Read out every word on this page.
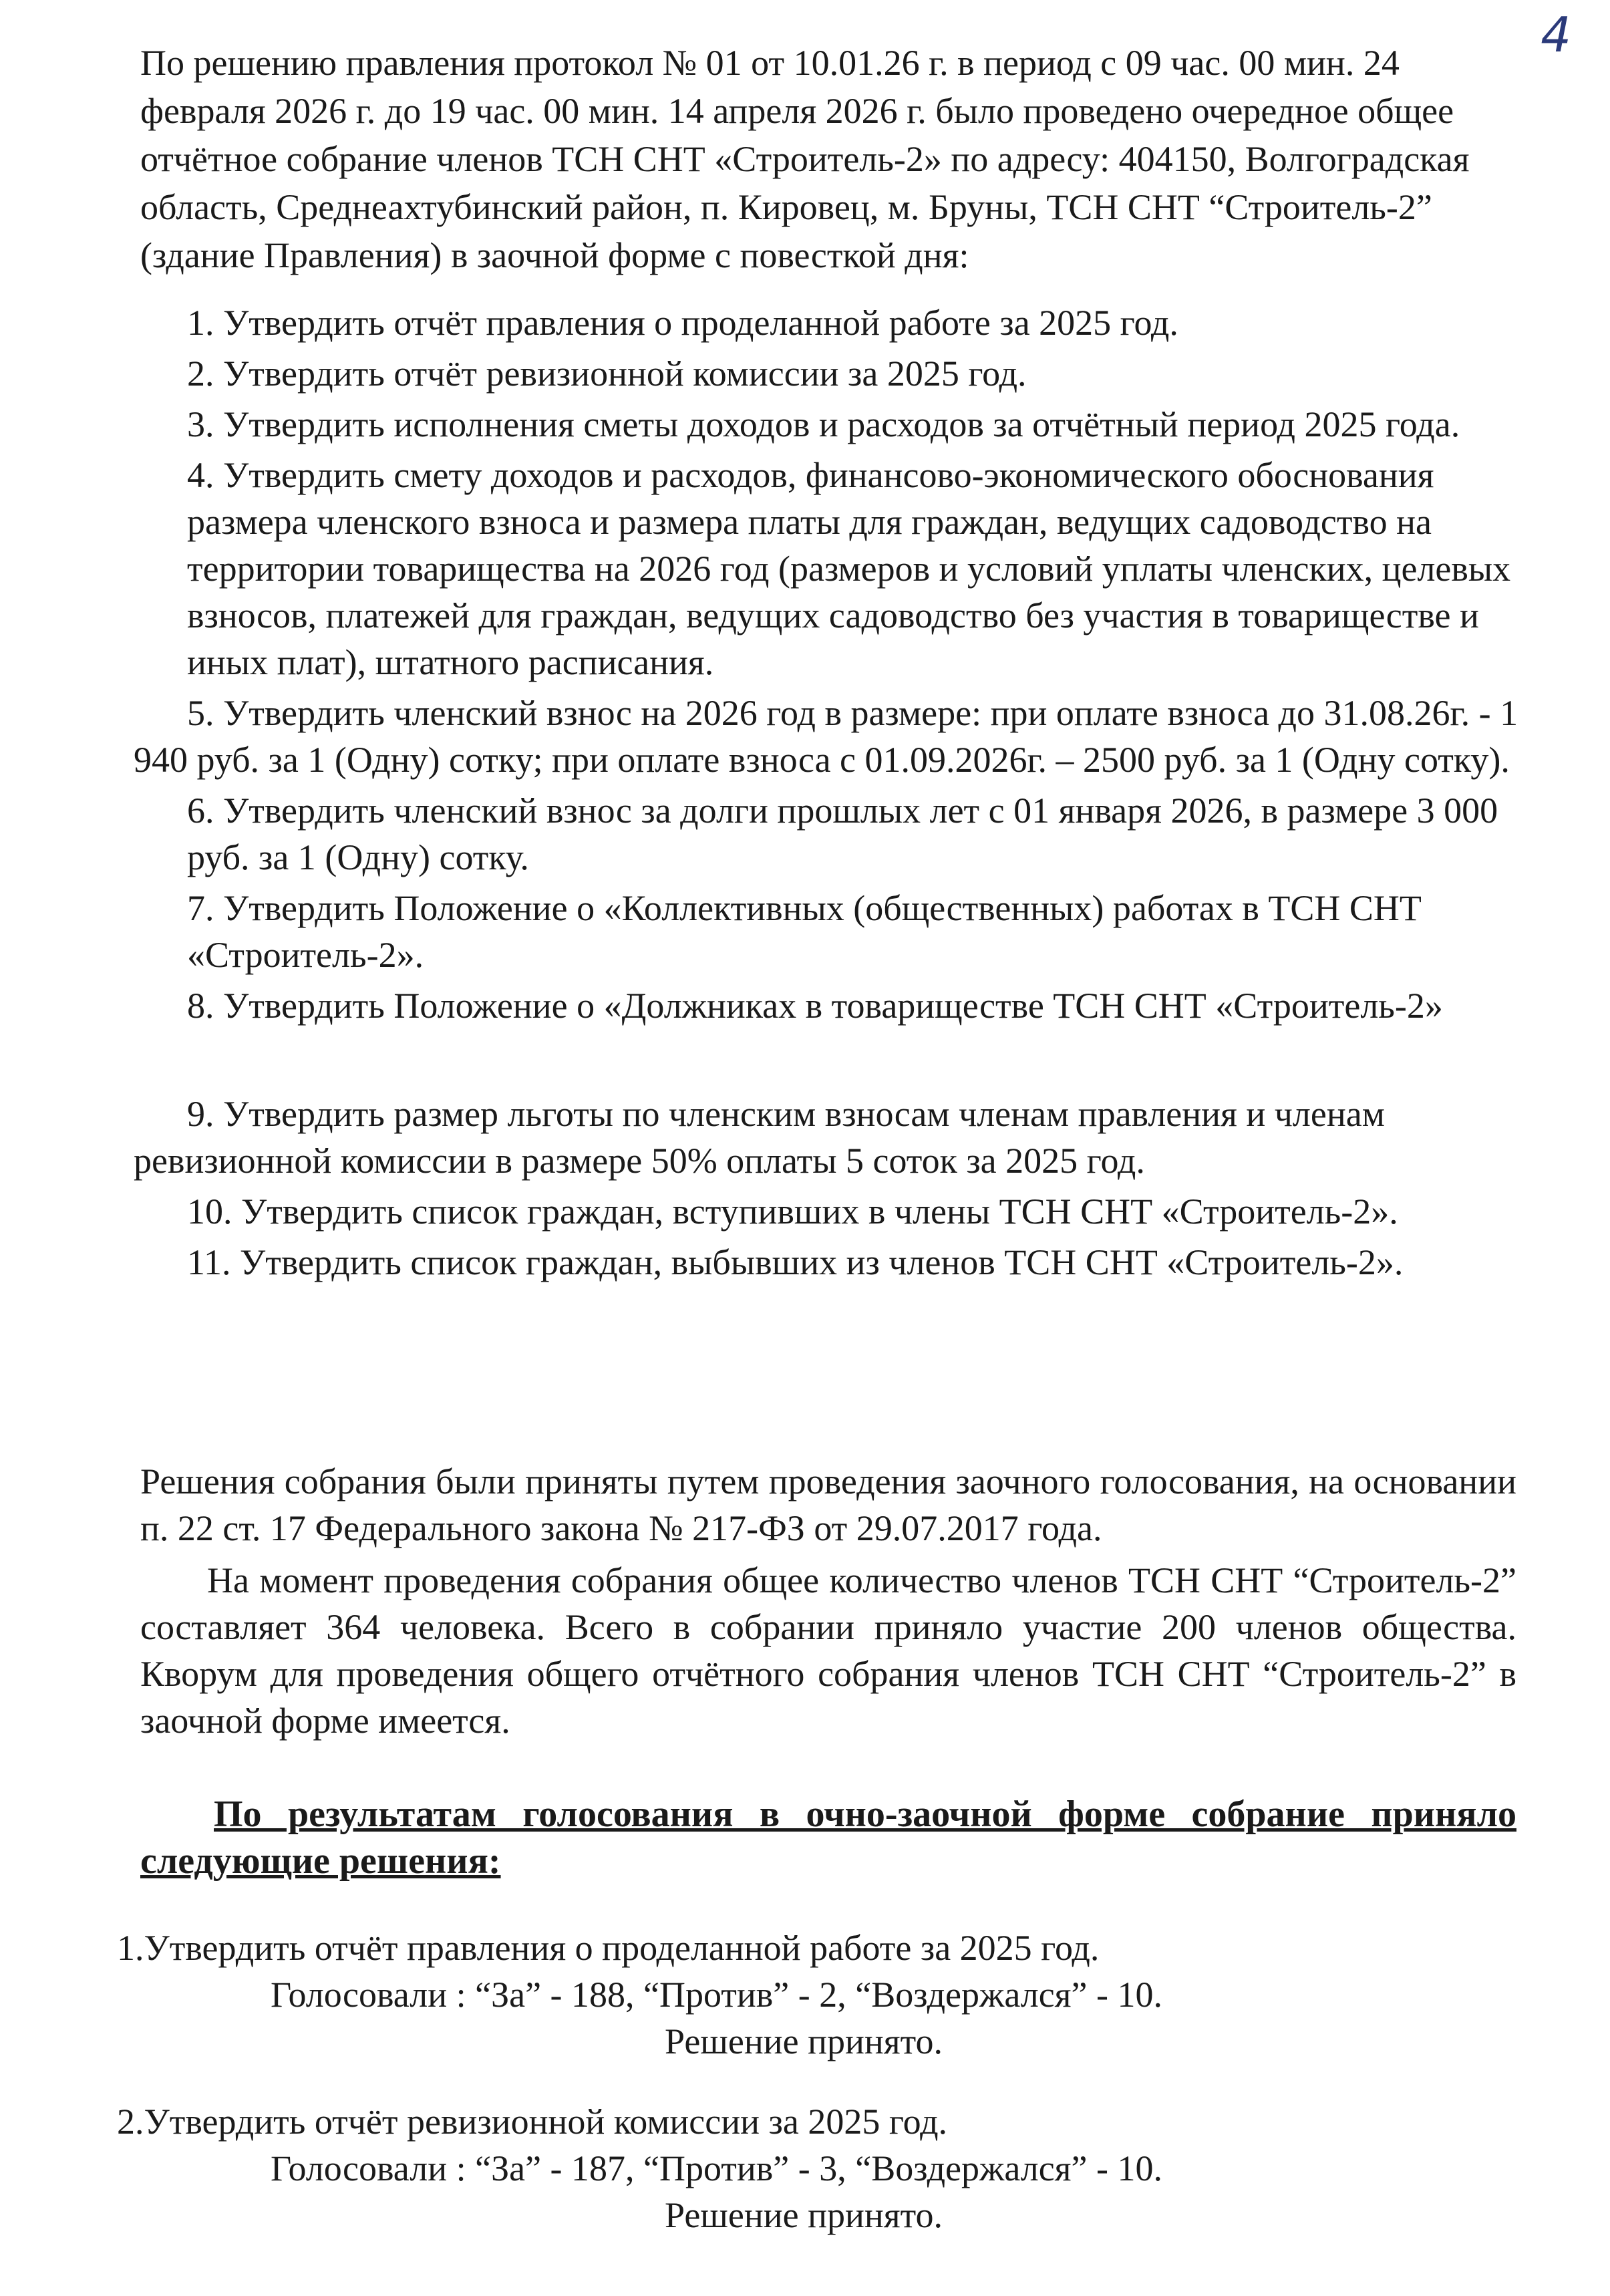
4
По решению правления протокол № 01 от 10.01.26 г. в период с 09 час. 00 мин. 24 февраля 2026 г. до 19 час. 00 мин. 14 апреля 2026 г. было проведено очередное общее отчётное собрание членов ТСН СНТ «Строитель-2» по адресу: 404150, Волгоградская область, Среднеахтубинский район, п. Кировец, м. Бруны, ТСН СНТ “Строитель-2” (здание Правления) в заочной форме с повесткой дня:
1. Утвердить отчёт правления о проделанной работе за 2025 год.
2. Утвердить отчёт ревизионной комиссии за 2025 год.
3. Утвердить исполнения сметы доходов и расходов за отчётный период 2025 года.
4. Утвердить смету доходов и расходов, финансово-экономического обоснования размера членского взноса и размера платы для граждан, ведущих садоводство на территории товарищества на 2026 год (размеров и условий уплаты членских, целевых взносов, платежей для граждан, ведущих садоводство без участия в товариществе и иных плат), штатного расписания.
5. Утвердить членский взнос на 2026 год в размере: при оплате взноса до 31.08.26г. - 1 940 руб. за 1 (Одну) сотку; при оплате взноса с 01.09.2026г. – 2500 руб. за 1 (Одну сотку).
6. Утвердить членский взнос за долги прошлых лет с 01 января 2026, в размере 3 000 руб. за 1 (Одну) сотку.
7. Утвердить Положение о «Коллективных (общественных) работах в ТСН СНТ «Строитель-2».
8. Утвердить Положение о «Должниках в товариществе ТСН СНТ «Строитель-2»
9. Утвердить размер льготы по членским взносам членам правления и членам ревизионной комиссии в размере 50% оплаты 5 соток за 2025 год.
10. Утвердить список граждан, вступивших в члены ТСН СНТ «Строитель-2».
11. Утвердить список граждан, выбывших из членов ТСН СНТ «Строитель-2».
Решения собрания были приняты путем проведения заочного голосования, на основании п. 22 ст. 17 Федерального закона № 217-ФЗ от 29.07.2017 года.
На момент проведения собрания общее количество членов ТСН СНТ “Строитель-2” составляет 364 человека. Всего в собрании приняло участие 200 членов общества. Кворум для проведения общего отчётного собрания членов ТСН СНТ “Строитель-2” в заочной форме имеется.
По результатам голосования в очно-заочной форме собрание приняло следующие решения:
1.Утвердить отчёт правления о проделанной работе за 2025 год.
Голосовали : “За” - 188, “Против” - 2, “Воздержался” - 10.
Решение принято.
2.Утвердить отчёт ревизионной комиссии за 2025 год.
Голосовали : “За” - 187, “Против” - 3, “Воздержался” - 10.
Решение принято.
